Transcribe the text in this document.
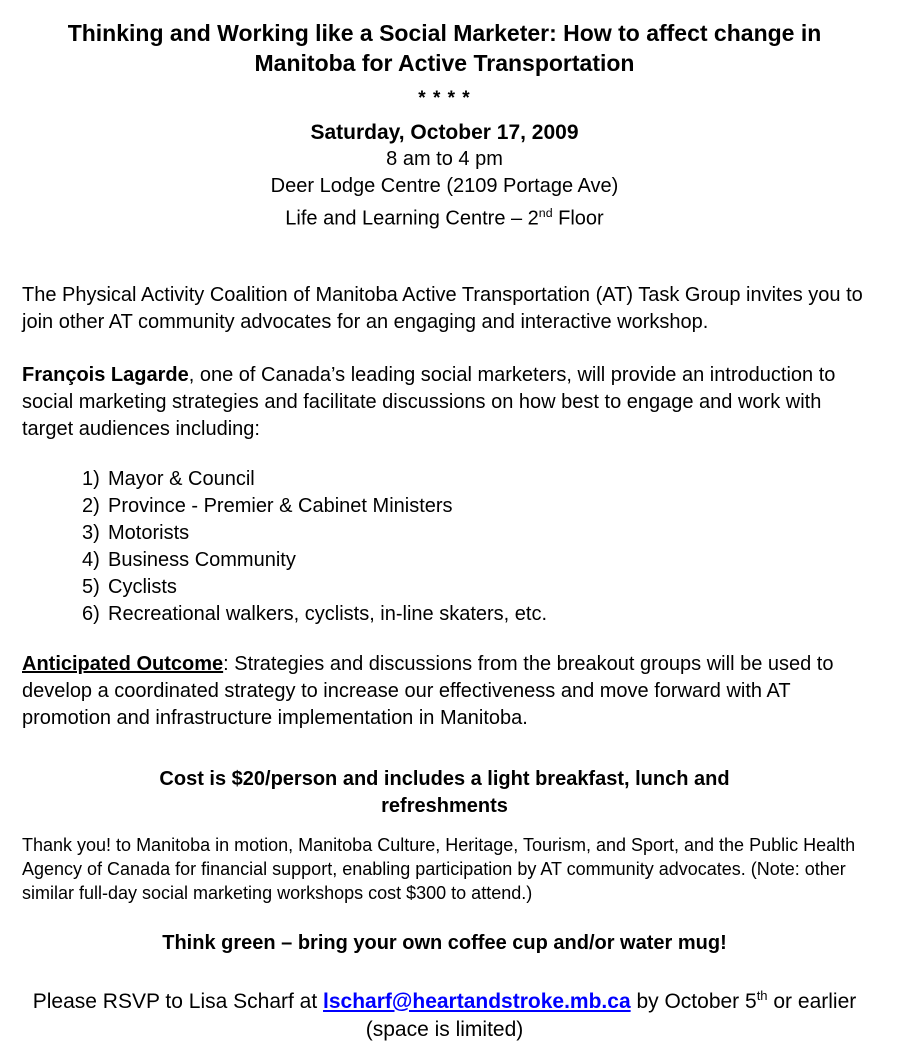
Thinking and Working like a Social Marketer: How to affect change in Manitoba for Active Transportation
* * * *
Saturday, October 17, 2009
8 am to 4 pm
Deer Lodge Centre (2109 Portage Ave)
Life and Learning Centre – 2nd Floor

The Physical Activity Coalition of Manitoba Active Transportation (AT) Task Group invites you to join other AT community advocates for an engaging and interactive workshop.

François Lagarde, one of Canada’s leading social marketers, will provide an introduction to social marketing strategies and facilitate discussions on how best to engage and work with target audiences including:

1) Mayor & Council
2) Province - Premier & Cabinet Ministers
3) Motorists
4) Business Community
5) Cyclists
6) Recreational walkers, cyclists, in-line skaters, etc.

Anticipated Outcome: Strategies and discussions from the breakout groups will be used to develop a coordinated strategy to increase our effectiveness and move forward with AT promotion and infrastructure implementation in Manitoba.

Cost is $20/person and includes a light breakfast, lunch and refreshments

Thank you! to Manitoba in motion, Manitoba Culture, Heritage, Tourism, and Sport, and the Public Health Agency of Canada for financial support, enabling participation by AT community advocates. (Note: other similar full-day social marketing workshops cost $300 to attend.)

Think green – bring your own coffee cup and/or water mug!

Please RSVP to Lisa Scharf at lscharf@heartandstroke.mb.ca by October 5th or earlier (space is limited)
